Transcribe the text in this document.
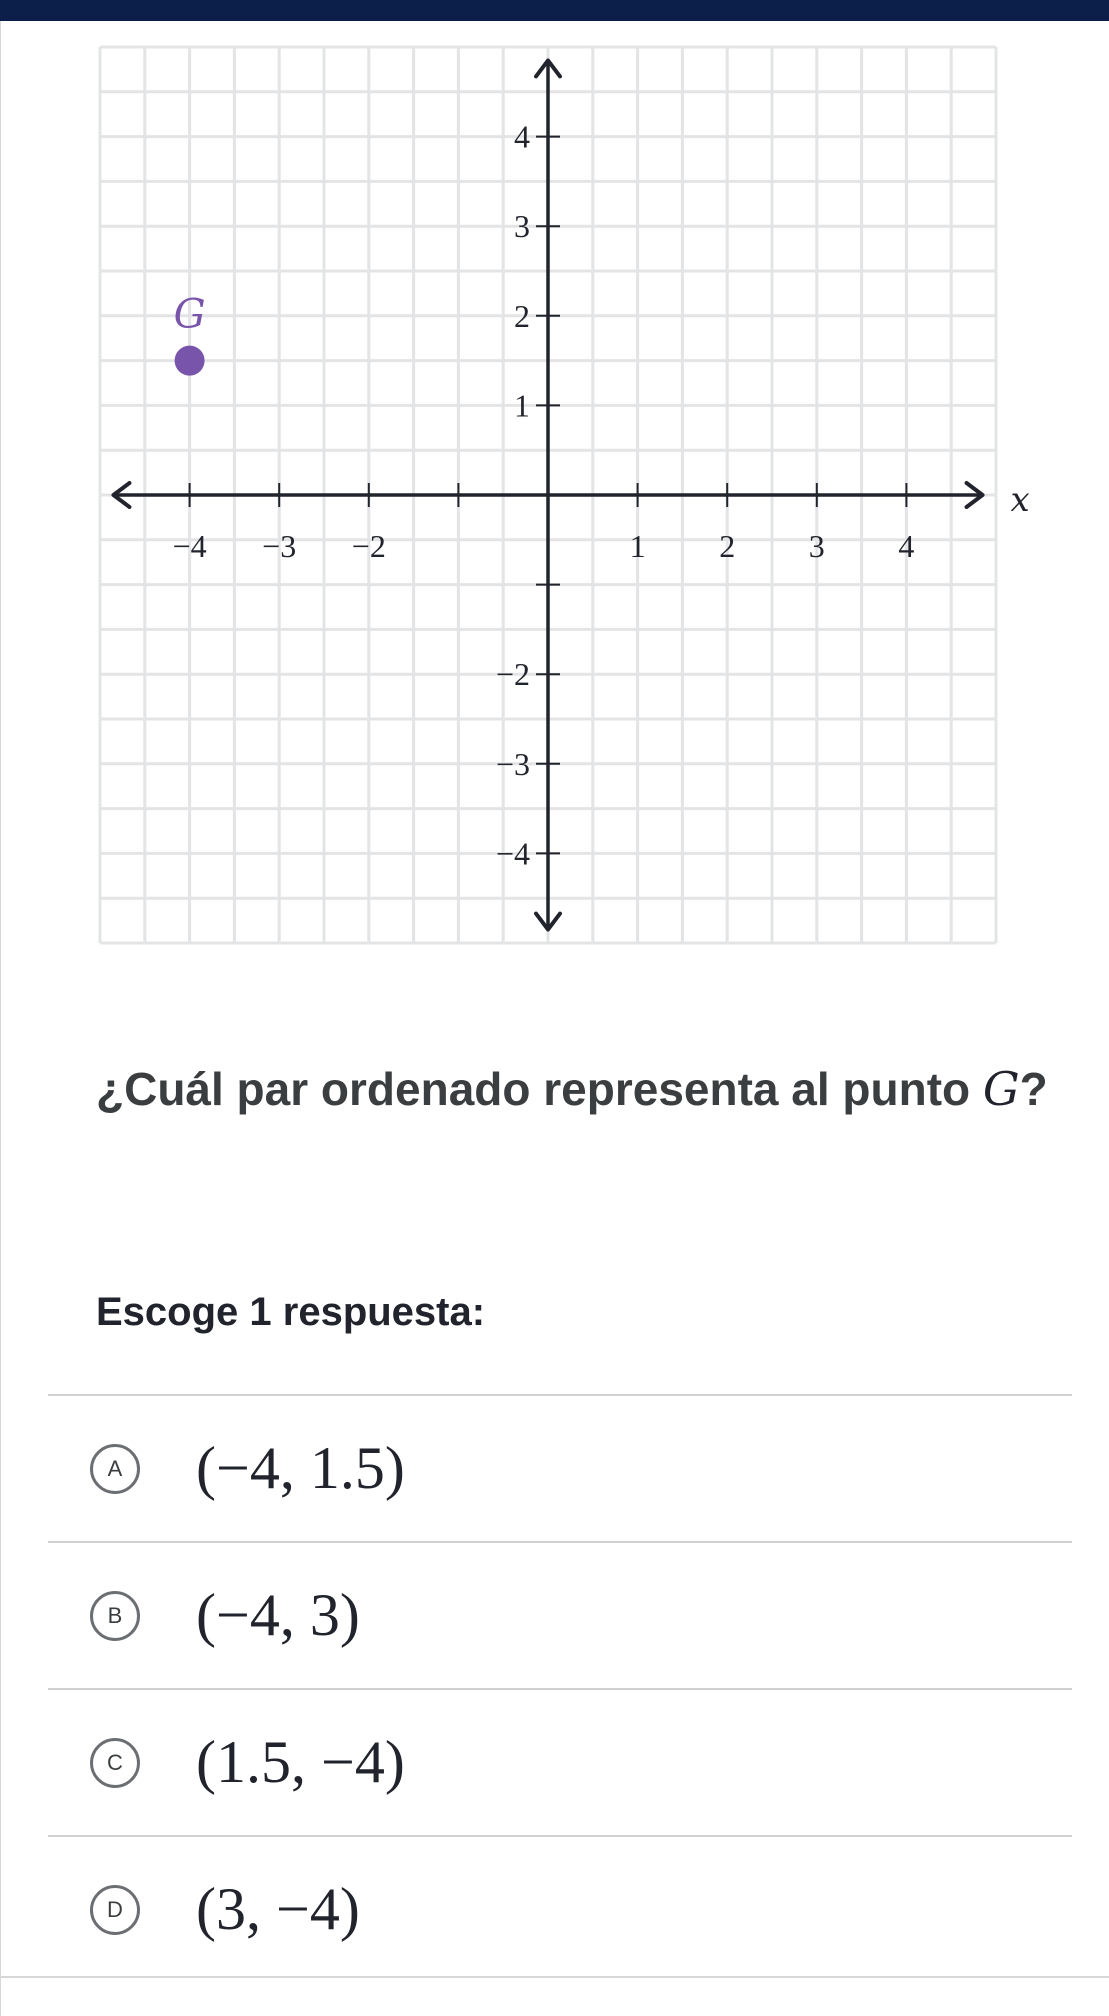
x
−4 −3 −2	1 2 3 4
4
3
2
1
−2
−3
−4
G
¿Cuál par ordenado representa al punto G?
Escoge 1 respuesta:
A (−4, 1.5)
B (−4, 3)
C (1.5, −4)
D (3, −4)
